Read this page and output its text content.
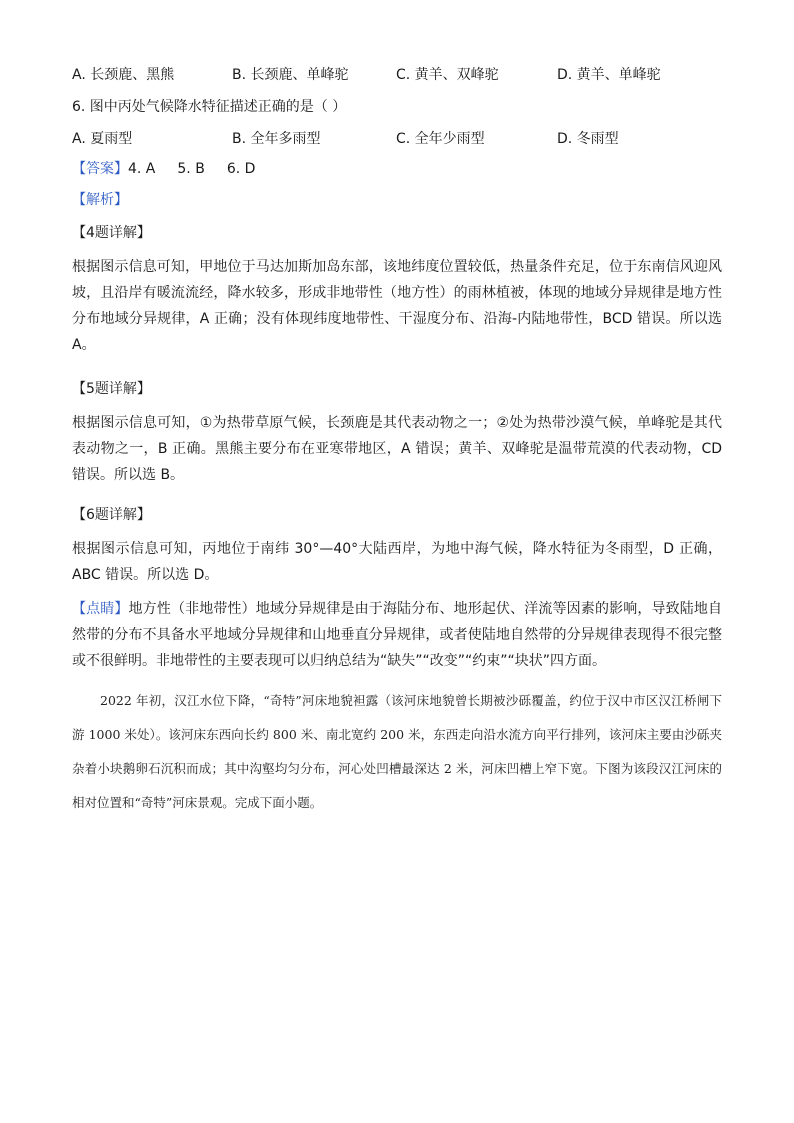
A. 长颈鹿、黑熊	B. 长颈鹿、单峰驼	C. 黄羊、双峰驼	D. 黄羊、单峰驼
6. 图中丙处气候降水特征描述正确的是（ ）
A. 夏雨型	B. 全年多雨型	C. 全年少雨型	D. 冬雨型
【答案】4. A 5. B 6. D
【解析】
【4题详解】
根据图示信息可知，甲地位于马达加斯加岛东部，该地纬度位置较低，热量条件充足，位于东南信风迎风坡，且沿岸有暖流流经，降水较多，形成非地带性（地方性）的雨林植被，体现的地域分异规律是地方性分布地域分异规律，A 正确；没有体现纬度地带性、干湿度分布、沿海-内陆地带性，BCD 错误。所以选 A。
【5题详解】
根据图示信息可知，①为热带草原气候，长颈鹿是其代表动物之一；②处为热带沙漠气候，单峰驼是其代表动物之一，B 正确。黑熊主要分布在亚寒带地区，A 错误；黄羊、双峰驼是温带荒漠的代表动物，CD 错误。所以选 B。
【6题详解】
根据图示信息可知，丙地位于南纬 30°—40°大陆西岸，为地中海气候，降水特征为冬雨型，D 正确，ABC 错误。所以选 D。
【点睛】地方性（非地带性）地域分异规律是由于海陆分布、地形起伏、洋流等因素的影响，导致陆地自然带的分布不具备水平地域分异规律和山地垂直分异规律，或者使陆地自然带的分异规律表现得不很完整或不很鲜明。非地带性的主要表现可以归纳总结为“缺失”“改变”“约束”“块状”四方面。
2022 年初，汉江水位下降，“奇特”河床地貌袒露（该河床地貌曾长期被沙砾覆盖，约位于汉中市区汉江桥闸下游 1000 米处）。该河床东西向长约 800 米、南北宽约 200 米，东西走向沿水流方向平行排列，该河床主要由沙砾夹杂着小块鹅卵石沉积而成；其中沟壑均匀分布，河心处凹槽最深达 2 米，河床凹槽上窄下宽。下图为该段汉江河床的相对位置和“奇特”河床景观。完成下面小题。
